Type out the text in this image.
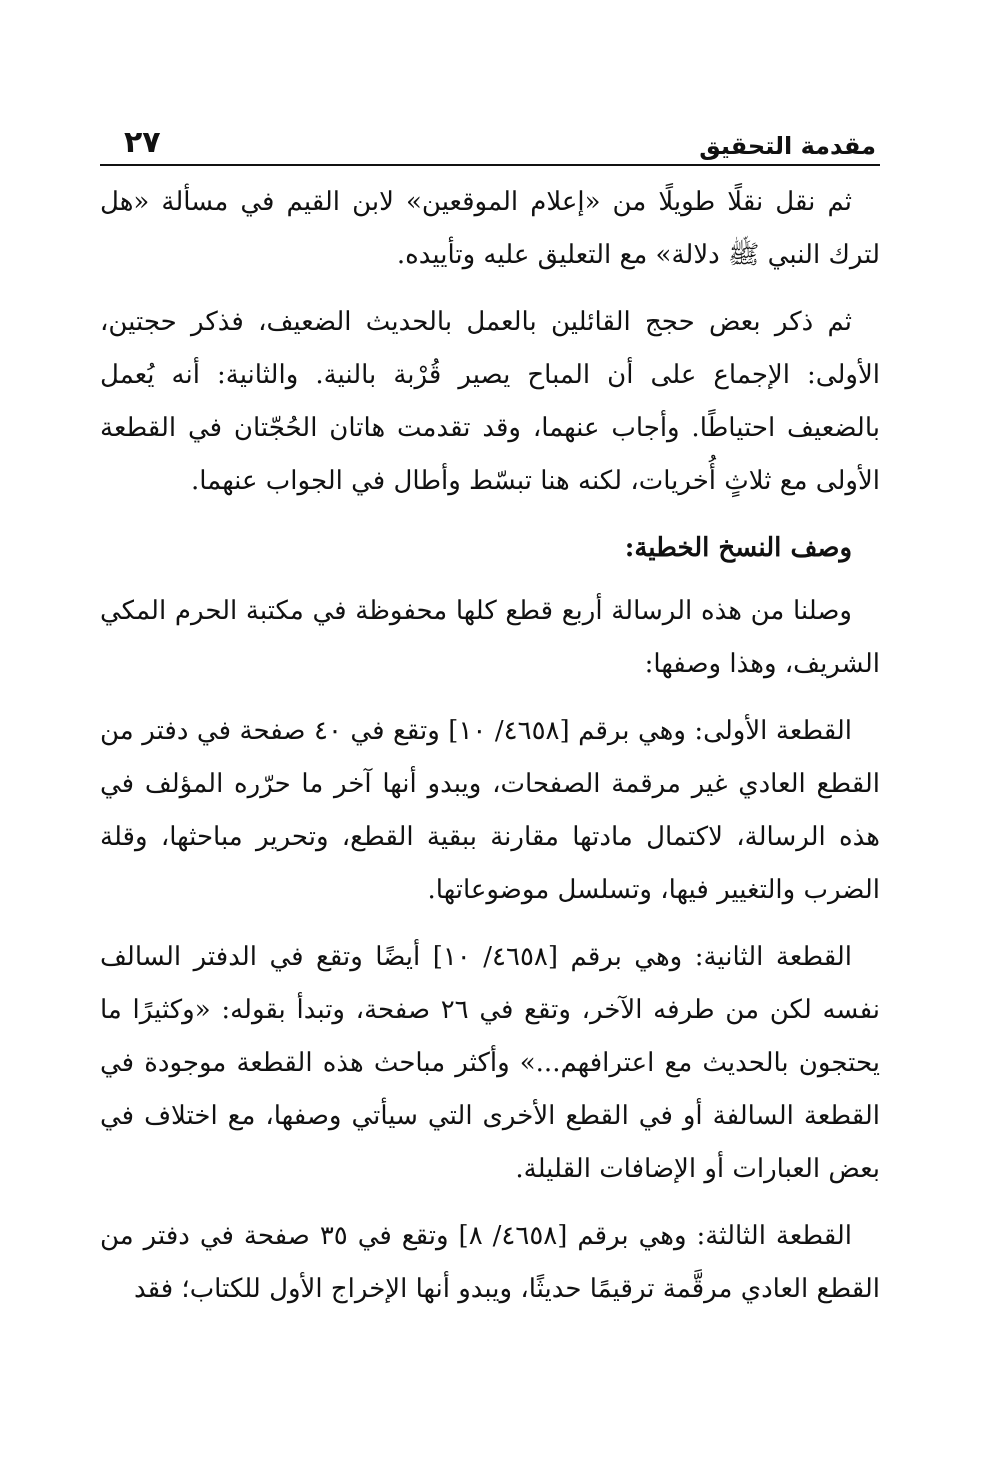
مقدمة التحقيق
٢٧

ثم نقل نقلًا طويلًا من «إعلام الموقعين» لابن القيم في مسألة «هل لترك النبي ﷺ دلالة» مع التعليق عليه وتأييده.

ثم ذكر بعض حجج القائلين بالعمل بالحديث الضعيف، فذكر حجتين، الأولى: الإجماع على أن المباح يصير قُرْبة بالنية. والثانية: أنه يُعمل بالضعيف احتياطًا. وأجاب عنهما، وقد تقدمت هاتان الحُجّتان في القطعة الأولى مع ثلاثٍ أُخريات، لكنه هنا تبسّط وأطال في الجواب عنهما.

وصف النسخ الخطية:

وصلنا من هذه الرسالة أربع قطع كلها محفوظة في مكتبة الحرم المكي الشريف، وهذا وصفها:

القطعة الأولى: وهي برقم [٤٦٥٨/ ١٠] وتقع في ٤٠ صفحة في دفتر من القطع العادي غير مرقمة الصفحات، ويبدو أنها آخر ما حرّره المؤلف في هذه الرسالة، لاكتمال مادتها مقارنة ببقية القطع، وتحرير مباحثها، وقلة الضرب والتغيير فيها، وتسلسل موضوعاتها.

القطعة الثانية: وهي برقم [٤٦٥٨/ ١٠] أيضًا وتقع في الدفتر السالف نفسه لكن من طرفه الآخر، وتقع في ٢٦ صفحة، وتبدأ بقوله: «وكثيرًا ما يحتجون بالحديث مع اعترافهم...» وأكثر مباحث هذه القطعة موجودة في القطعة السالفة أو في القطع الأخرى التي سيأتي وصفها، مع اختلاف في بعض العبارات أو الإضافات القليلة.

القطعة الثالثة: وهي برقم [٤٦٥٨/ ٨] وتقع في ٣٥ صفحة في دفتر من القطع العادي مرقَّمة ترقيمًا حديثًا، ويبدو أنها الإخراج الأول للكتاب؛ فقد
